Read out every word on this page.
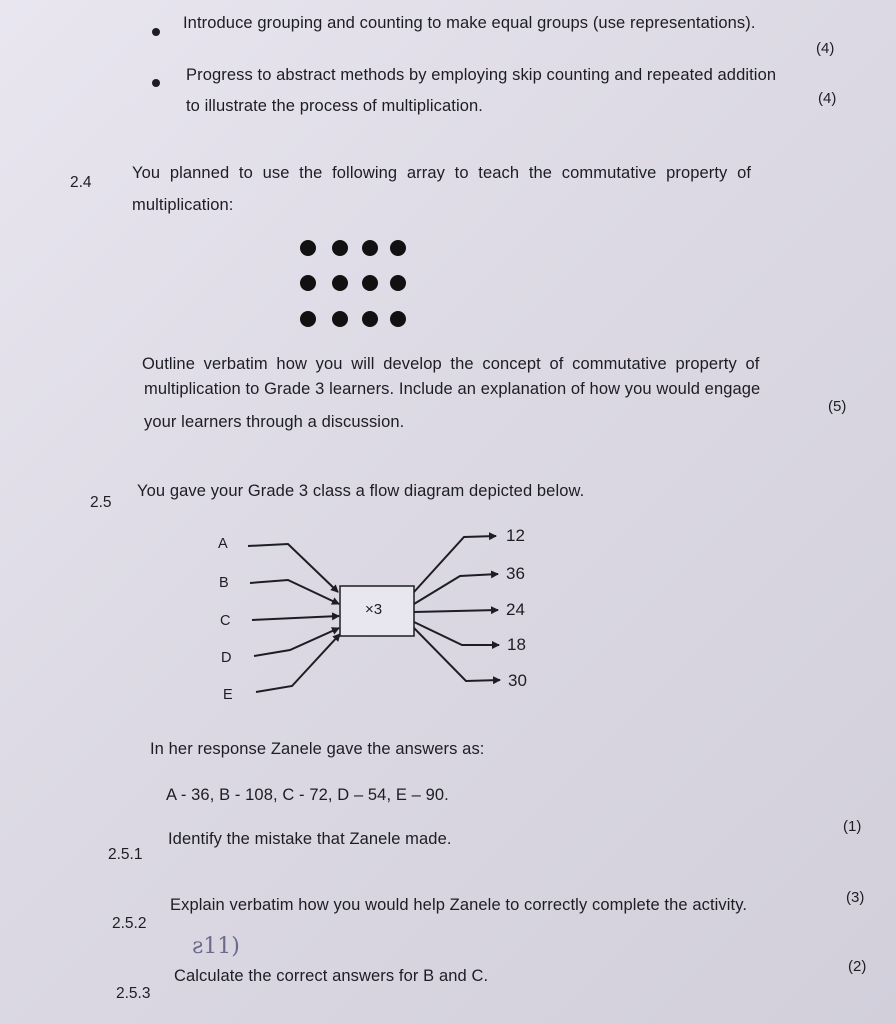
Introduce grouping and counting to make equal groups (use representations).
(4)
Progress to abstract methods by employing skip counting and repeated addition
to illustrate the process of multiplication.	(4)
2.4
You planned to use the following array to teach the commutative property of
multiplication:
Outline verbatim how you will develop the concept of commutative property of
multiplication to Grade 3 learners. Include an explanation of how you would engage
your learners through a discussion.
(5)
2.5
You gave your Grade 3 class a flow diagram depicted below.
A
B
C
D
E
×3
12
36
24
18
30
In her response Zanele gave the answers as:
A - 36, B - 108, C - 72, D – 54, E – 90.
2.5.1
Identify the mistake that Zanele made.
(1)
2.5.2
Explain verbatim how you would help Zanele to correctly complete the activity.	(3)
ƨ11)
2.5.3
Calculate the correct answers for B and C.
(2)
